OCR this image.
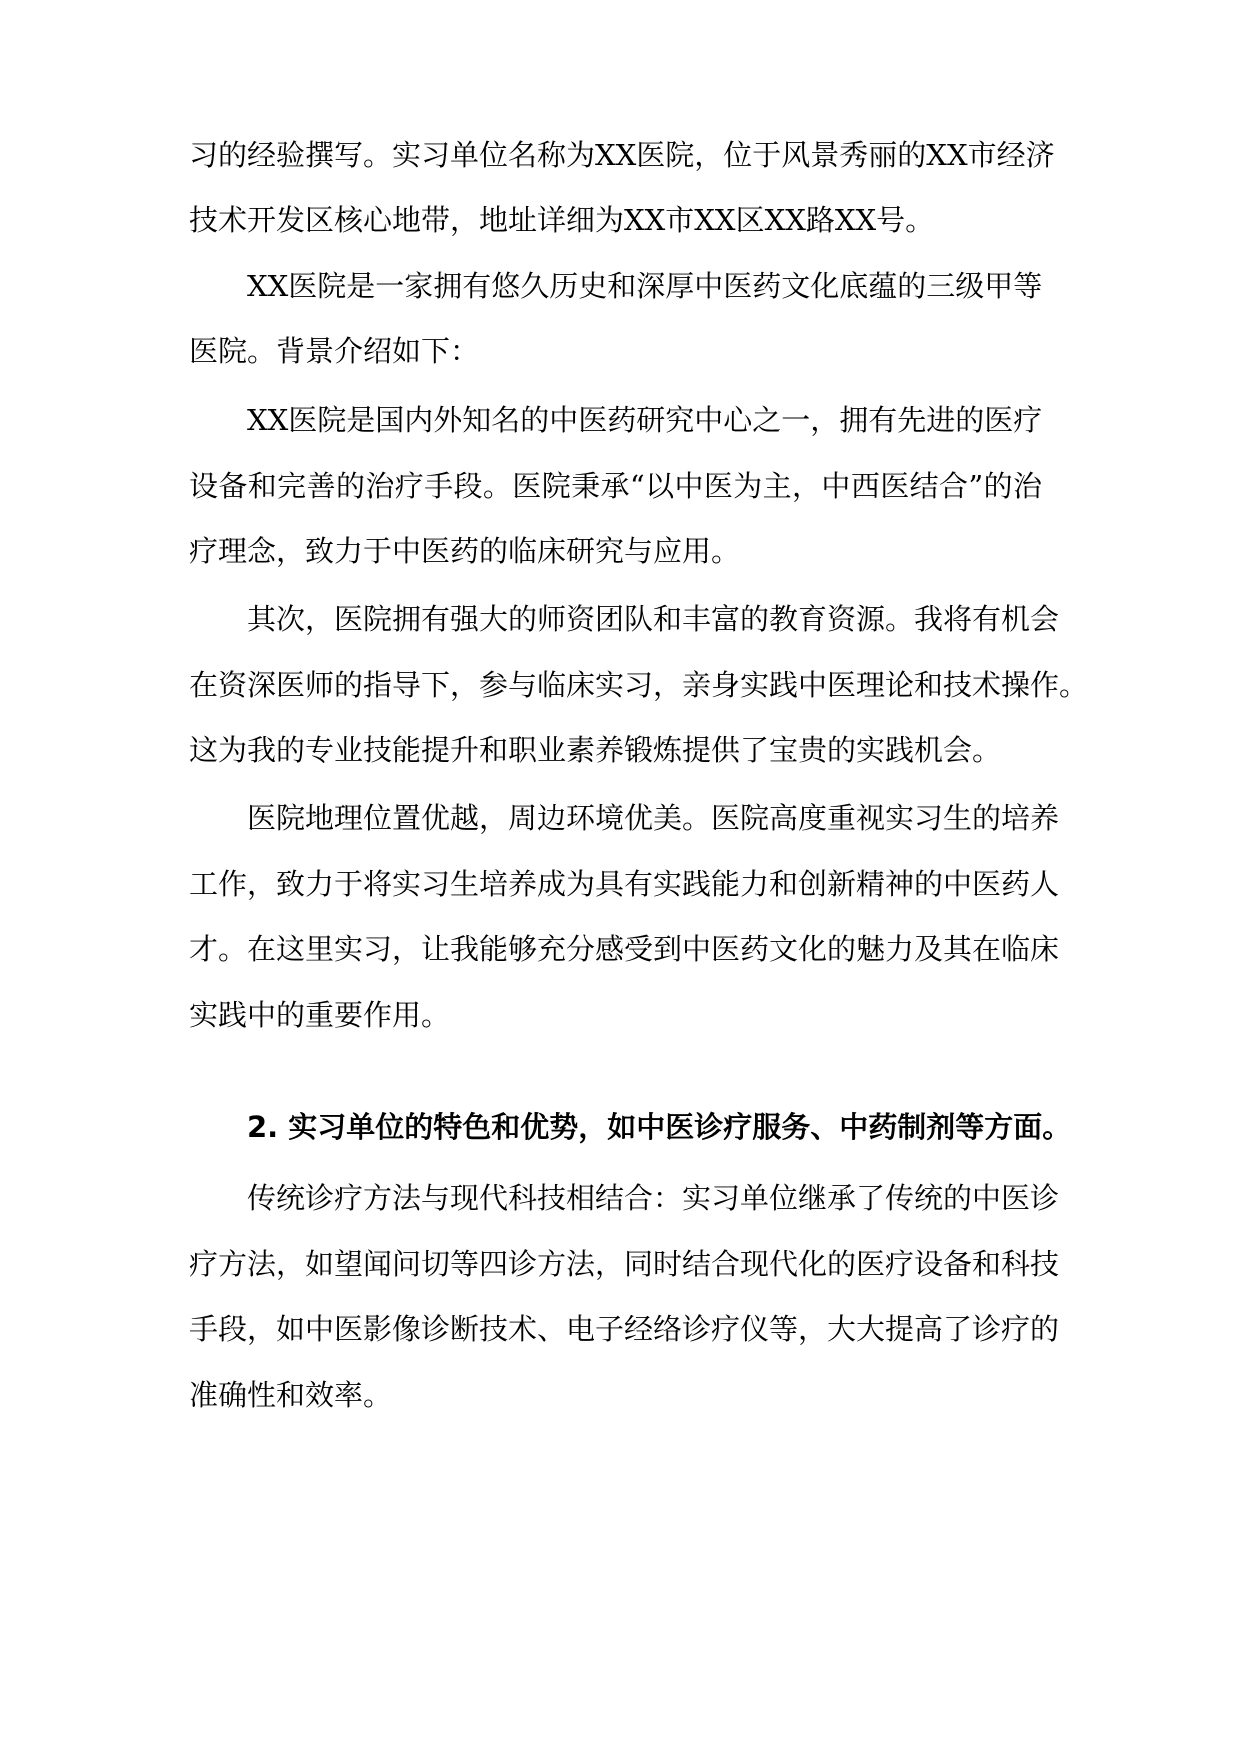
习的经验撰写。实习单位名称为XX医院，位于风景秀丽的XX市经济

技术开发区核心地带，地址详细为XX市XX区XX路XX号。

XX医院是一家拥有悠久历史和深厚中医药文化底蕴的三级甲等

医院。背景介绍如下：

XX医院是国内外知名的中医药研究中心之一，拥有先进的医疗

设备和完善的治疗手段。医院秉承“以中医为主，中西医结合”的治

疗理念，致力于中医药的临床研究与应用。

其次，医院拥有强大的师资团队和丰富的教育资源。我将有机会

在资深医师的指导下，参与临床实习，亲身实践中医理论和技术操作。

这为我的专业技能提升和职业素养锻炼提供了宝贵的实践机会。

医院地理位置优越，周边环境优美。医院高度重视实习生的培养

工作，致力于将实习生培养成为具有实践能力和创新精神的中医药人

才。在这里实习，让我能够充分感受到中医药文化的魅力及其在临床

实践中的重要作用。

2. 实习单位的特色和优势，如中医诊疗服务、中药制剂等方面。

传统诊疗方法与现代科技相结合：实习单位继承了传统的中医诊

疗方法，如望闻问切等四诊方法，同时结合现代化的医疗设备和科技

手段，如中医影像诊断技术、电子经络诊疗仪等，大大提高了诊疗的

准确性和效率。
